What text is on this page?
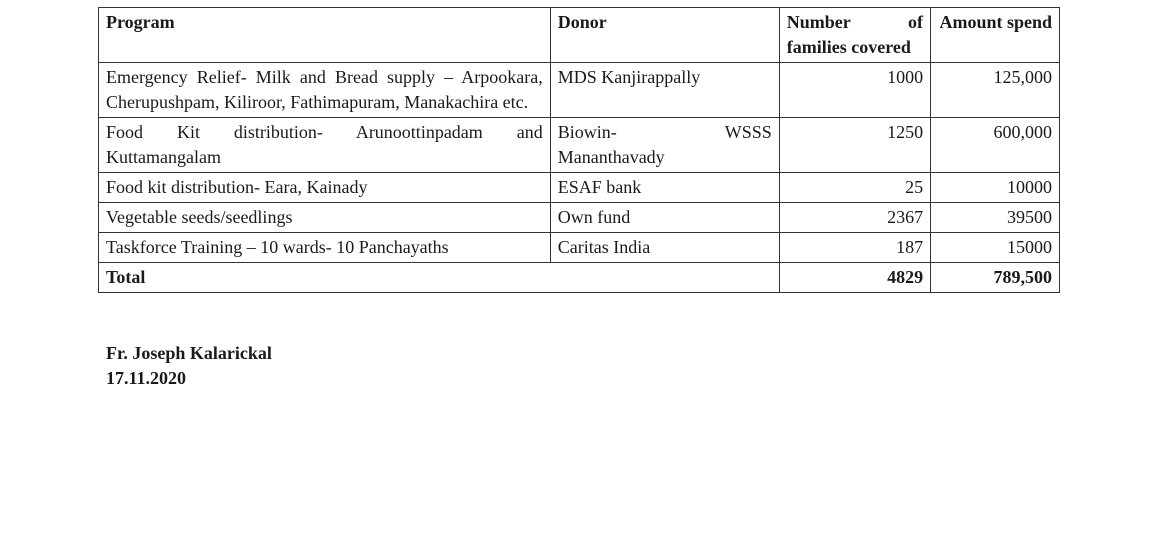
Program	Donor	Number of families covered	Amount spend
Emergency Relief- Milk and Bread supply – Arpookara, Cherupushpam, Kiliroor, Fathimapuram, Manakachira etc.	MDS Kanjirappally	1000	125,000
Food Kit distribution- Arunoottinpadam and Kuttamangalam	Biowin- WSSS Mananthavady	1250	600,000
Food kit distribution- Eara, Kainady	ESAF bank	25	10000
Vegetable seeds/seedlings	Own fund	2367	39500
Taskforce Training – 10 wards- 10 Panchayaths	Caritas India	187	15000
Total		4829	789,500
Fr. Joseph Kalarickal
17.11.2020
